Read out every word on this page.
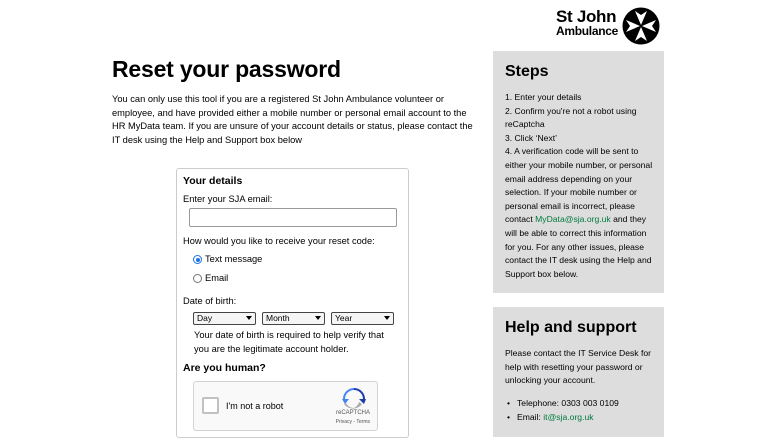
St John
Ambulance
Reset your password

You can only use this tool if you are a registered St John Ambulance volunteer or employee, and have provided either a mobile number or personal email account to the HR MyData team. If you are unsure of your account details or status, please contact the IT desk using the Help and Support box below

Your details
Enter your SJA email:
How would you like to receive your reset code:
Text message
Email
Date of birth:
Day	Month	Year
Your date of birth is required to help verify that you are the legitimate account holder.
Are you human?
I'm not a robot
reCAPTCHA
Privacy - Terms
Steps

1. Enter your details

2. Confirm you're not a robot using reCaptcha

3. Click ‘Next’

4. A verification code will be sent to either your mobile number, or personal email address depending on your selection. If your mobile number or personal email is incorrect, please contact MyData@sja.org.uk and they will be able to correct this information for you. For any other issues, please contact the IT desk using the Help and Support box below.

Help and support

Please contact the IT Service Desk for help with resetting your password or unlocking your account.

• Telephone: 0303 003 0109
• Email: it@sja.org.uk
